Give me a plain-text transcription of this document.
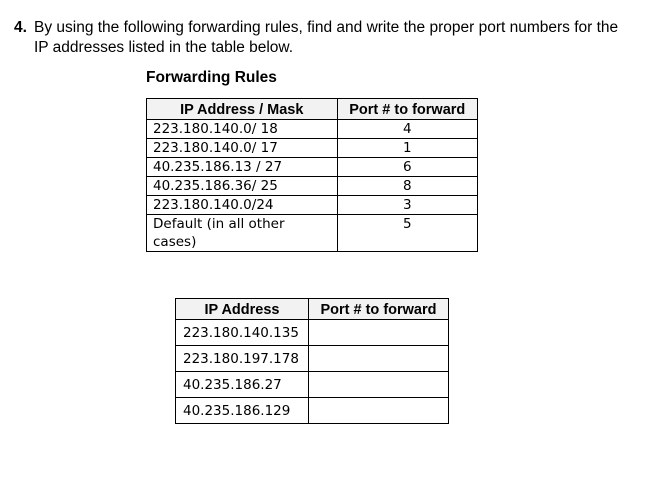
4. By using the following forwarding rules, find and write the proper port numbers for the IP addresses listed in the table below.
Forwarding Rules
IP Address / Mask	Port # to forward
223.180.140.0/ 18	4
223.180.140.0/ 17	1
40.235.186.13 / 27	6
40.235.186.36/ 25	8
223.180.140.0/24	3
Default (in all other cases)	5
IP Address	Port # to forward
223.180.140.135	
223.180.197.178	
40.235.186.27	
40.235.186.129	
